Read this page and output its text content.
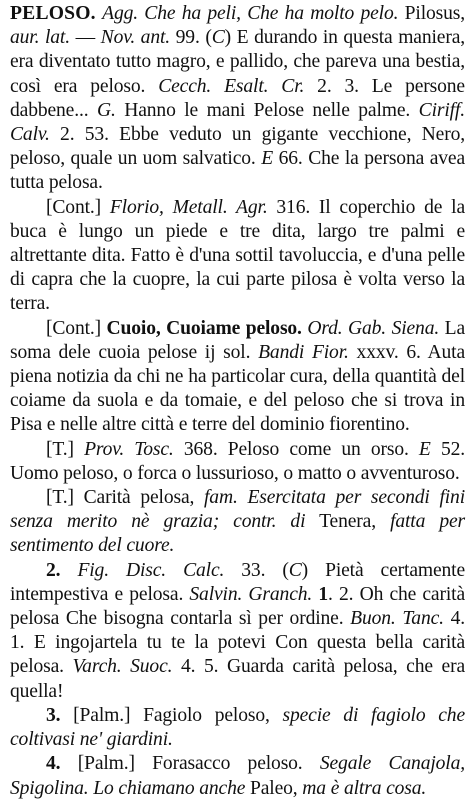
PELOSO. Agg. Che ha peli, Che ha molto pelo. Pilosus, aur. lat. — Nov. ant. 99. (C) E durando in questa maniera, era diventato tutto magro, e pallido, che pareva una bestia, così era peloso. Cecch. Esalt. Cr. 2. 3. Le persone dabbene... G. Hanno le mani Pelose nelle palme. Ciriff. Calv. 2. 53. Ebbe veduto un gigante vecchione, Nero, peloso, quale un uom salvatico. E 66. Che la persona avea tutta pelosa.

[Cont.] Florio, Metall. Agr. 316. Il coperchio de la buca è lungo un piede e tre dita, largo tre palmi e altrettante dita. Fatto è d'una sottil tavoluccia, e d'una pelle di capra che la cuopre, la cui parte pilosa è volta verso la terra.

[Cont.] Cuoio, Cuoiame peloso. Ord. Gab. Siena. La soma dele cuoia pelose ij sol. Bandi Fior. xxxv. 6. Auta piena notizia da chi ne ha particolar cura, della quantità del coiame da suola e da tomaie, e del peloso che si trova in Pisa e nelle altre città e terre del dominio fiorentino.

[T.] Prov. Tosc. 368. Peloso come un orso. E 52. Uomo peloso, o forca o lussurioso, o matto o avventuroso.

[T.] Carità pelosa, fam. Esercitata per secondi fini senza merito nè grazia; contr. di Tenera, fatta per sentimento del cuore.

2. Fig. Disc. Calc. 33. (C) Pietà certamente intempestiva e pelosa. Salvin. Granch. 1. 2. Oh che carità pelosa Che bisogna contarla sì per ordine. Buon. Tanc. 4. 1. E ingojartela tu te la potevi Con questa bella carità pelosa. Varch. Suoc. 4. 5. Guarda carità pelosa, che era quella!

3. [Palm.] Fagiolo peloso, specie di fagiolo che coltivasi ne' giardini.

4. [Palm.] Forasacco peloso. Segale Canajola, Spigolina. Lo chiamano anche Paleo, ma è altra cosa.
